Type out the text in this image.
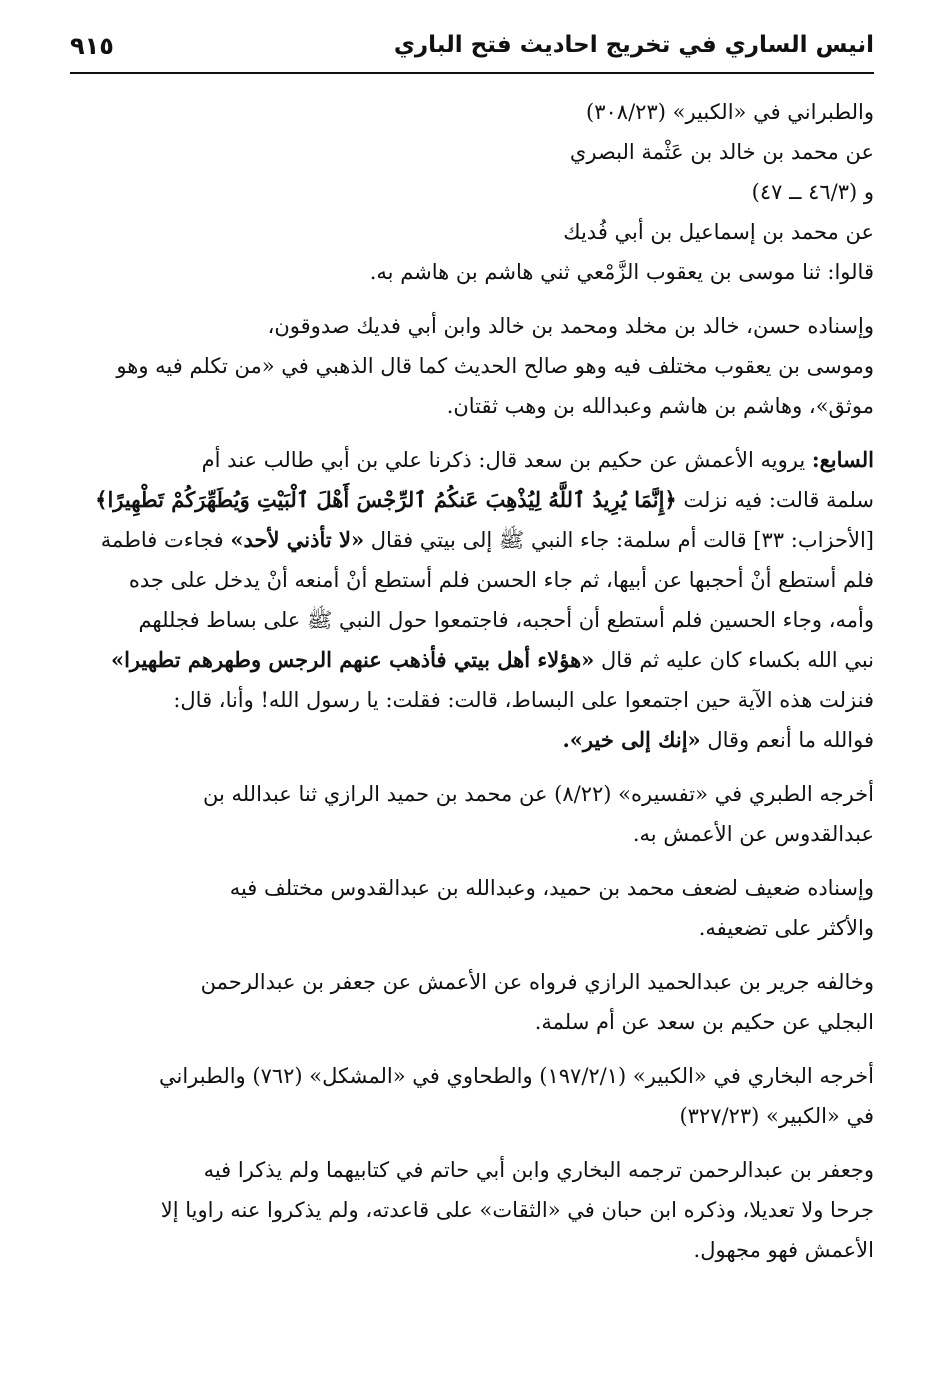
انيس الساري في تخريج احاديث فتح الباري
٩١٥

والطبراني في «الكبير» (٣٠٨/٢٣)

عن محمد بن خالد بن عَثْمة البصري

و (٤٦/٣ ــ ٤٧)

عن محمد بن إسماعيل بن أبي فُديك

قالوا: ثنا موسى بن يعقوب الزَّمْعي ثني هاشم بن هاشم به.

وإسناده حسن، خالد بن مخلد ومحمد بن خالد وابن أبي فديك صدوقون،

وموسى بن يعقوب مختلف فيه وهو صالح الحديث كما قال الذهبي في «من تكلم فيه وهو

موثق»، وهاشم بن هاشم وعبدالله بن وهب ثقتان.

السابع: يرويه الأعمش عن حكيم بن سعد قال: ذكرنا علي بن أبي طالب عند أم

سلمة قالت: فيه نزلت ﴿إِنَّمَا يُرِيدُ ٱللَّهُ لِيُذْهِبَ عَنكُمُ ٱلرِّجْسَ أَهْلَ ٱلْبَيْتِ وَيُطَهِّرَكُمْ تَطْهِيرًا﴾

[الأحزاب: ٣٣] قالت أم سلمة: جاء النبي ﷺ إلى بيتي فقال «لا تأذني لأحد» فجاءت فاطمة

فلم أستطع أنْ أحجبها عن أبيها، ثم جاء الحسن فلم أستطع أنْ أمنعه أنْ يدخل على جده

وأمه، وجاء الحسين فلم أستطع أن أحجبه، فاجتمعوا حول النبي ﷺ على بساط فجللهم

نبي الله بكساء كان عليه ثم قال «هؤلاء أهل بيتي فأذهب عنهم الرجس وطهرهم تطهيرا»

فنزلت هذه الآية حين اجتمعوا على البساط، قالت: فقلت: يا رسول الله! وأنا، قال:

فوالله ما أنعم وقال «إنك إلى خير».

أخرجه الطبري في «تفسيره» (٨/٢٢) عن محمد بن حميد الرازي ثنا عبدالله بن

عبدالقدوس عن الأعمش به.

وإسناده ضعيف لضعف محمد بن حميد، وعبدالله بن عبدالقدوس مختلف فيه

والأكثر على تضعيفه.

وخالفه جرير بن عبدالحميد الرازي فرواه عن الأعمش عن جعفر بن عبدالرحمن

البجلي عن حكيم بن سعد عن أم سلمة.

أخرجه البخاري في «الكبير» (١٩٧/٢/١) والطحاوي في «المشكل» (٧٦٢) والطبراني

في «الكبير» (٣٢٧/٢٣)

وجعفر بن عبدالرحمن ترجمه البخاري وابن أبي حاتم في كتابيهما ولم يذكرا فيه

جرحا ولا تعديلا، وذكره ابن حبان في «الثقات» على قاعدته، ولم يذكروا عنه راويا إلا

الأعمش فهو مجهول.
